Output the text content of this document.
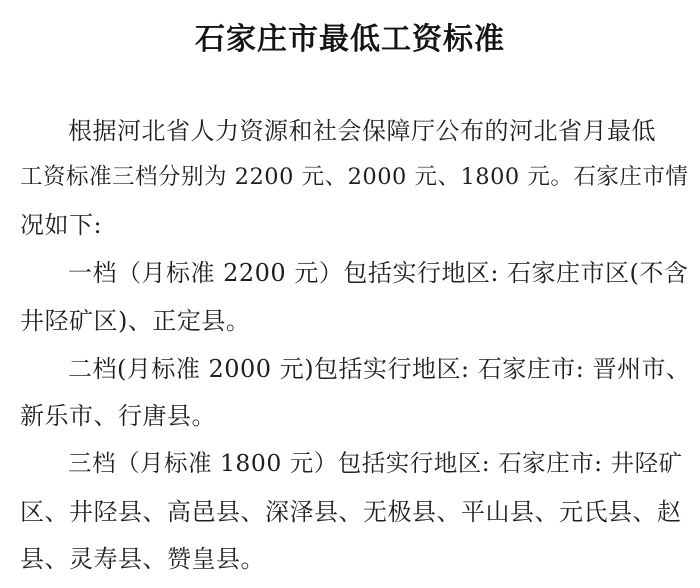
石家庄市最低工资标准
根据河北省人力资源和社会保障厅公布的河北省月最低
工资标准三档分别为 2200 元、2000 元、1800 元。石家庄市情
况如下:
一档（月标准 2200 元）包括实行地区: 石家庄市区(不含
井陉矿区)、正定县。
二档(月标准 2000 元)包括实行地区: 石家庄市: 晋州市、
新乐市、行唐县。
三档（月标准 1800 元）包括实行地区: 石家庄市: 井陉矿
区、井陉县、高邑县、深泽县、无极县、平山县、元氏县、赵
县、灵寿县、赞皇县。
